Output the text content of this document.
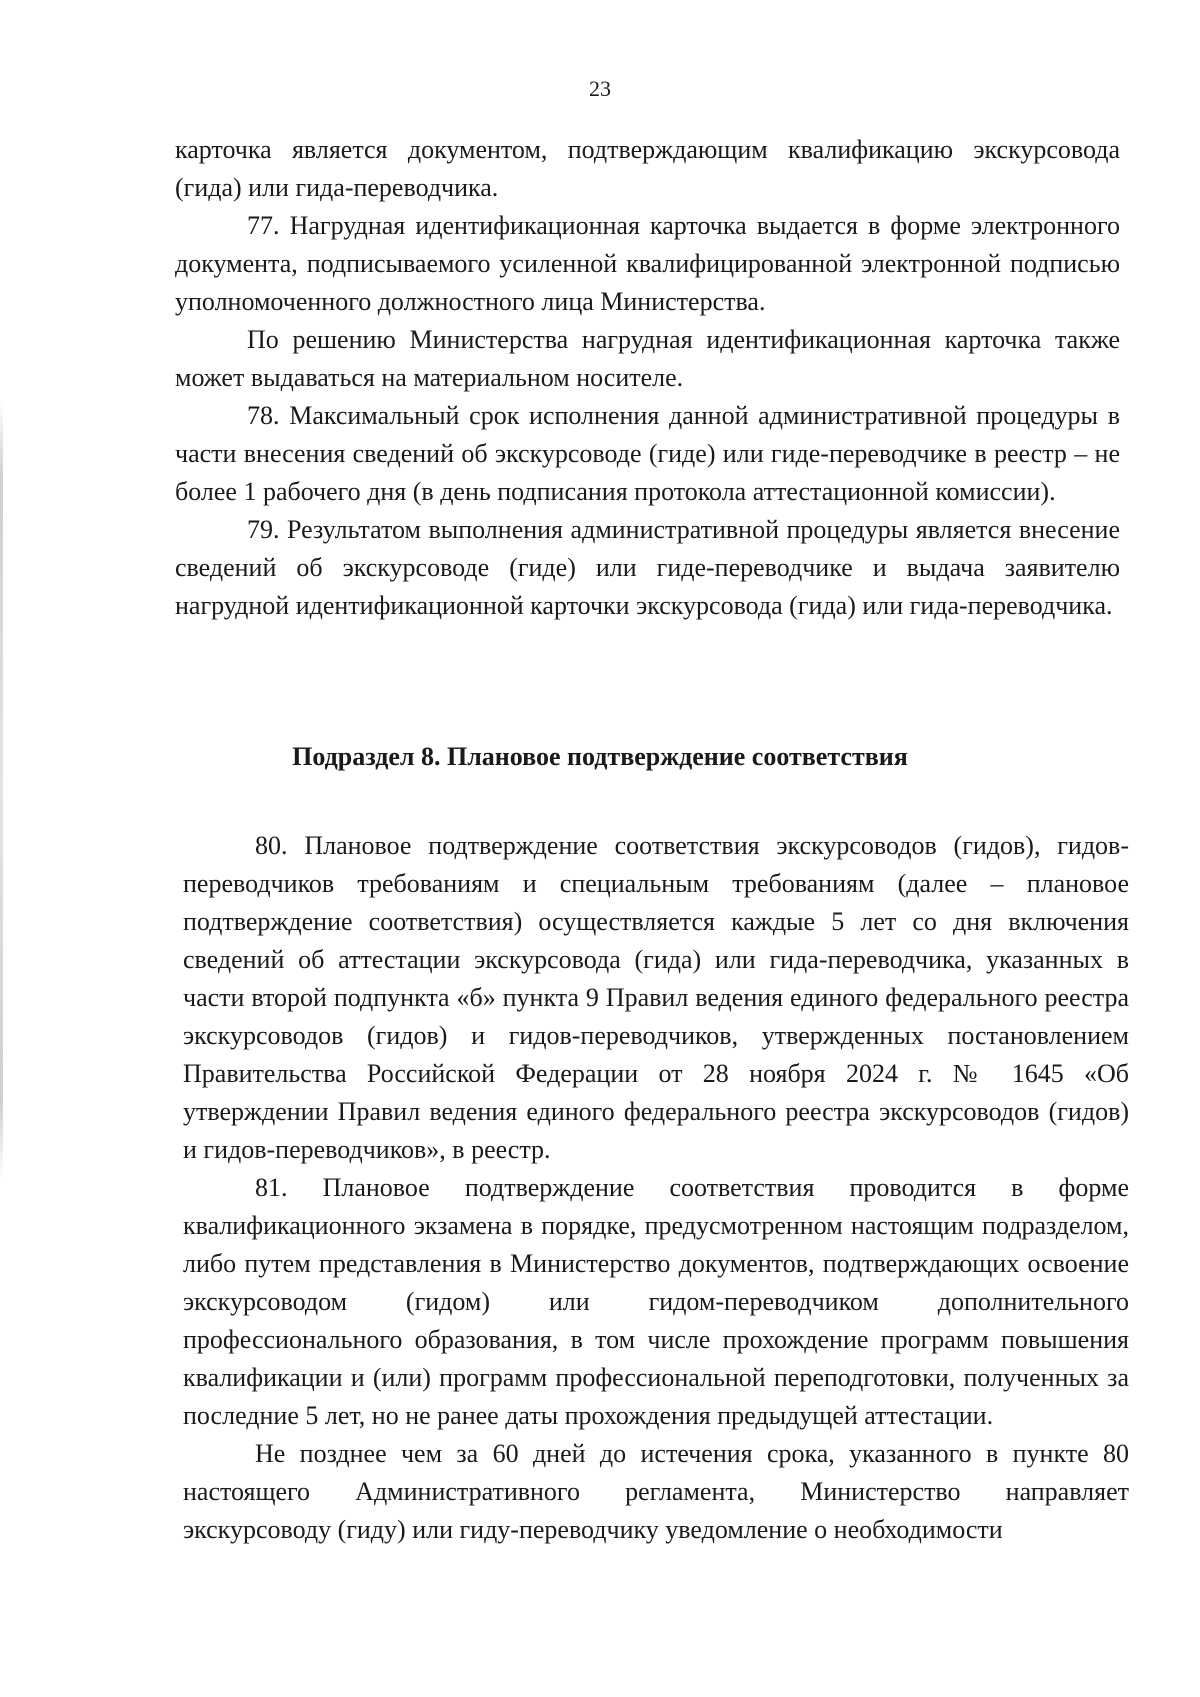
23

карточка является документом, подтверждающим квалификацию экскурсовода (гида) или гида-переводчика.

77. Нагрудная идентификационная карточка выдается в форме электронного документа, подписываемого усиленной квалифицированной электронной подписью уполномоченного должностного лица Министерства.

По решению Министерства нагрудная идентификационная карточка также может выдаваться на материальном носителе.

78. Максимальный срок исполнения данной административной процедуры в части внесения сведений об экскурсоводе (гиде) или гиде-переводчике в реестр – не более 1 рабочего дня (в день подписания протокола аттестационной комиссии).

79. Результатом выполнения административной процедуры является внесение сведений об экскурсоводе (гиде) или гиде-переводчике и выдача заявителю нагрудной идентификационной карточки экскурсовода (гида) или гида-переводчика.

Подраздел 8. Плановое подтверждение соответствия

80. Плановое подтверждение соответствия экскурсоводов (гидов), гидов-переводчиков требованиям и специальным требованиям (далее – плановое подтверждение соответствия) осуществляется каждые 5 лет со дня включения сведений об аттестации экскурсовода (гида) или гида-переводчика, указанных в части второй подпункта «б» пункта 9 Правил ведения единого федерального реестра экскурсоводов (гидов) и гидов-переводчиков, утвержденных постановлением Правительства Российской Федерации от 28 ноября 2024 г. № 1645 «Об утверждении Правил ведения единого федерального реестра экскурсоводов (гидов) и гидов-переводчиков», в реестр.

81. Плановое подтверждение соответствия проводится в форме квалификационного экзамена в порядке, предусмотренном настоящим подразделом, либо путем представления в Министерство документов, подтверждающих освоение экскурсоводом (гидом) или гидом-переводчиком дополнительного профессионального образования, в том числе прохождение программ повышения квалификации и (или) программ профессиональной переподготовки, полученных за последние 5 лет, но не ранее даты прохождения предыдущей аттестации.

Не позднее чем за 60 дней до истечения срока, указанного в пункте 80 настоящего Административного регламента, Министерство направляет экскурсоводу (гиду) или гиду-переводчику уведомление о необходимости
